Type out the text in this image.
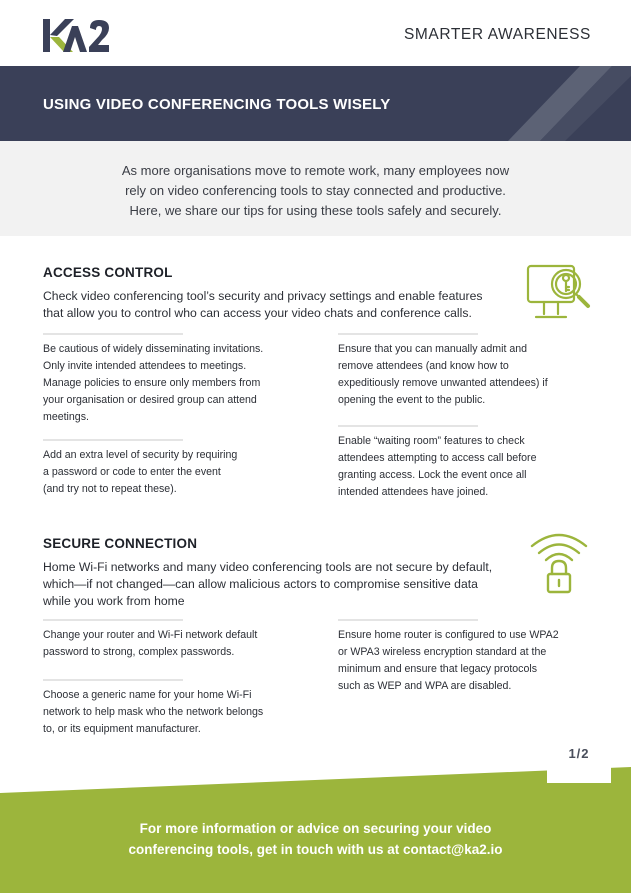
SMARTER AWARENESS
USING VIDEO CONFERENCING TOOLS WISELY

As more organisations move to remote work, many employees now

rely on video conferencing tools to stay connected and productive.

Here, we share our tips for using these tools safely and securely.

ACCESS CONTROL
Check video conferencing tool’s security and privacy settings and enable features
that allow you to control who can access your video chats and conference calls.
Be cautious of widely disseminating invitations.
Only invite intended attendees to meetings.
Manage policies to ensure only members from
your organisation or desired group can attend
meetings.
Ensure that you can manually admit and
remove attendees (and know how to
expeditiously remove unwanted attendees) if
opening the event to the public.
Add an extra level of security by requiring
a password or code to enter the event
(and try not to repeat these).
Enable “waiting room” features to check
attendees attempting to access call before
granting access. Lock the event once all
intended attendees have joined.
SECURE CONNECTION
Home Wi-Fi networks and many video conferencing tools are not secure by default,
which—if not changed—can allow malicious actors to compromise sensitive data
while you work from home
Change your router and Wi-Fi network default
password to strong, complex passwords.
Ensure home router is configured to use WPA2
or WPA3 wireless encryption standard at the
minimum and ensure that legacy protocols
such as WEP and WPA are disabled.
Choose a generic name for your home Wi-Fi
network to help mask who the network belongs
to, or its equipment manufacturer.
1/2
For more information or advice on securing your video
conferencing tools, get in touch with us at contact@ka2.io
